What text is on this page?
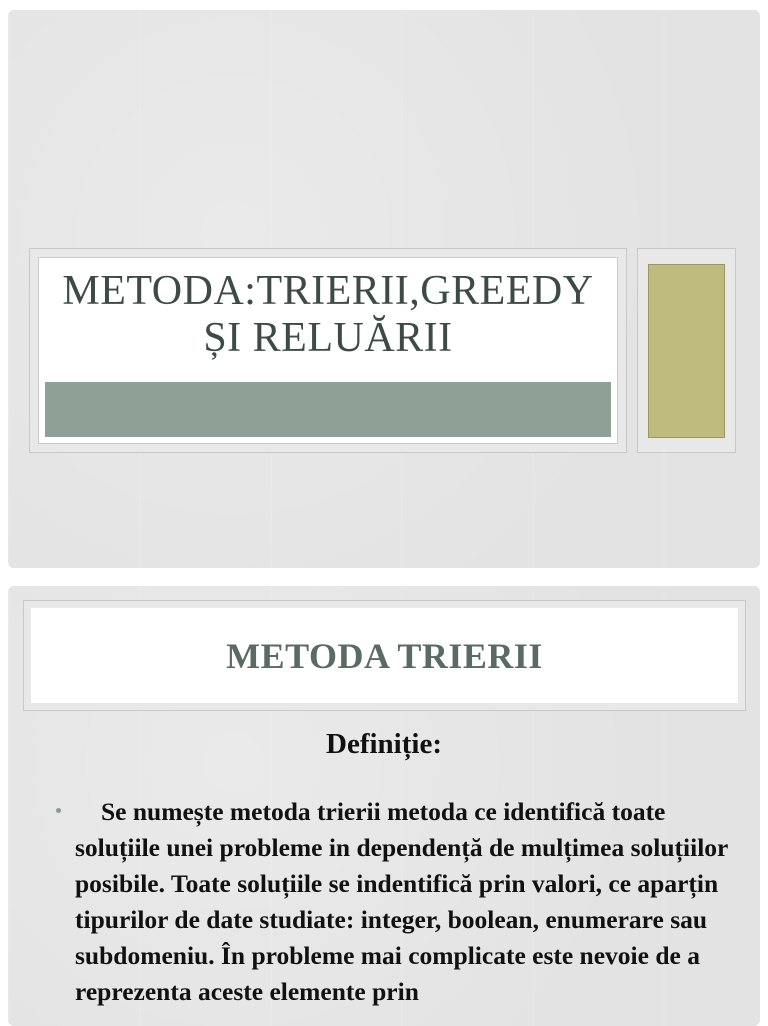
METODA:TRIERII,GREEDY
ȘI RELUĂRII
METODA TRIERII
Definiție:
Se numește metoda trierii metoda ce identifică toate soluțiile unei probleme in dependență de mulțimea soluțiilor posibile. Toate soluțiile se indentifică prin valori, ce aparțin tipurilor de date studiate: integer, boolean, enumerare sau subdomeniu. În probleme mai complicate este nevoie de a reprezenta aceste elemente prin
